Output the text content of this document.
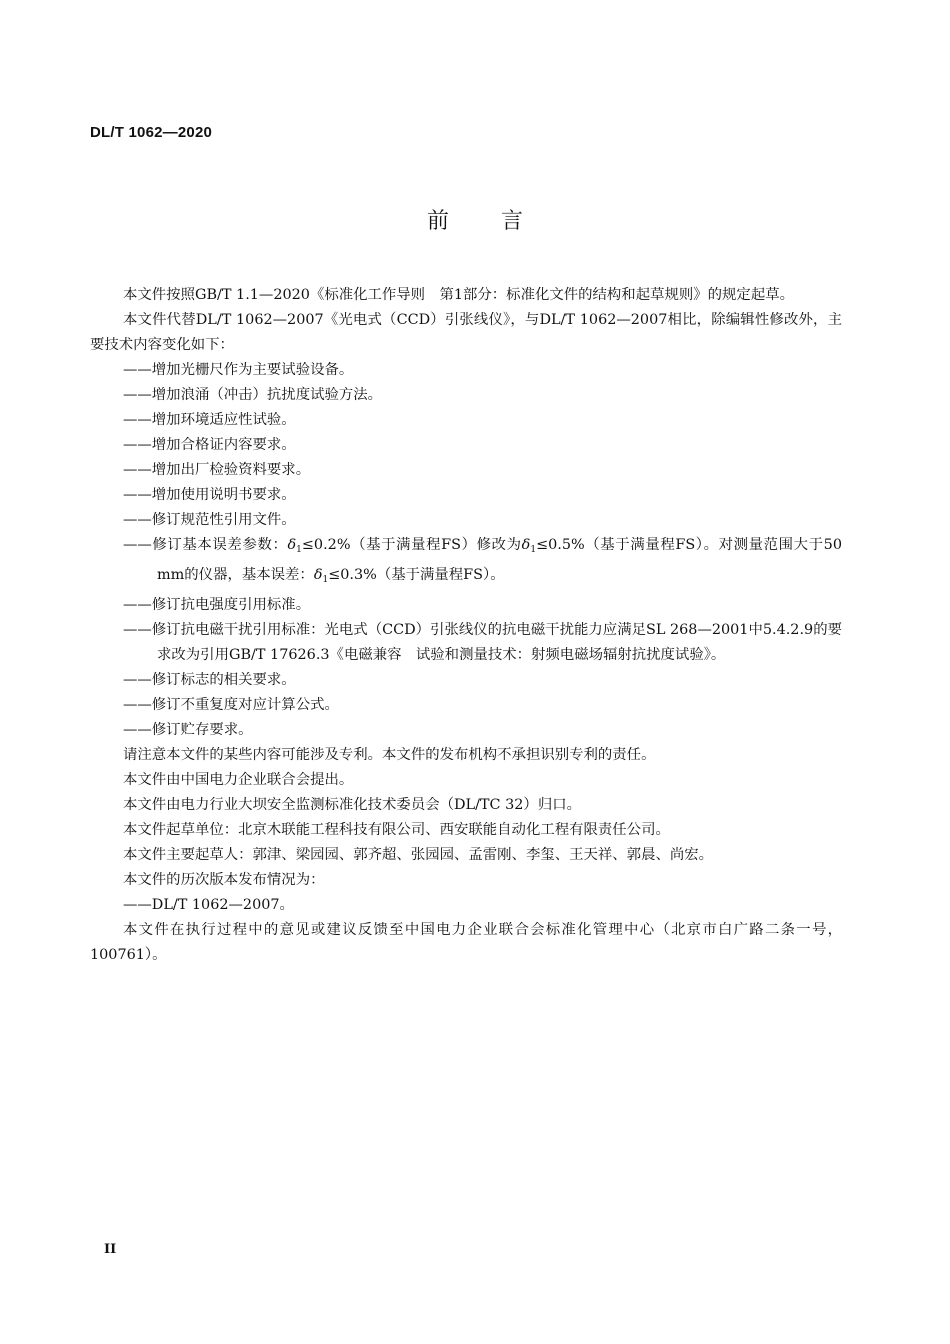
DL/T 1062—2020
前言

本文件按照GB/T 1.1—2020《标准化工作导则　第1部分：标准化文件的结构和起草规则》的规定起草。

本文件代替DL/T 1062—2007《光电式（CCD）引张线仪》，与DL/T 1062—2007相比，除编辑性修改外，主要技术内容变化如下：

——增加光栅尺作为主要试验设备。

——增加浪涌（冲击）抗扰度试验方法。

——增加环境适应性试验。

——增加合格证内容要求。

——增加出厂检验资料要求。

——增加使用说明书要求。

——修订规范性引用文件。

——修订基本误差参数：$\delta_1\le 0.2\%$（基于满量程FS）修改为$\delta_1\le 0.5\%$（基于满量程FS）。对测量范围大于50 mm的仪器，基本误差：$\delta_1\le 0.3\%$（基于满量程FS）。

——修订抗电强度引用标准。

——修订抗电磁干扰引用标准：光电式（CCD）引张线仪的抗电磁干扰能力应满足SL 268—2001中5.4.2.9的要求改为引用GB/T 17626.3《电磁兼容　试验和测量技术：射频电磁场辐射抗扰度试验》。

——修订标志的相关要求。

——修订不重复度对应计算公式。

——修订贮存要求。

请注意本文件的某些内容可能涉及专利。本文件的发布机构不承担识别专利的责任。

本文件由中国电力企业联合会提出。

本文件由电力行业大坝安全监测标准化技术委员会（DL/TC 32）归口。

本文件起草单位：北京木联能工程科技有限公司、西安联能自动化工程有限责任公司。

本文件主要起草人：郭津、梁园园、郭齐超、张园园、孟雷刚、李玺、王天祥、郭晨、尚宏。

本文件的历次版本发布情况为：

——DL/T 1062—2007。

本文件在执行过程中的意见或建议反馈至中国电力企业联合会标准化管理中心（北京市白广路二条一号，100761）。

II
